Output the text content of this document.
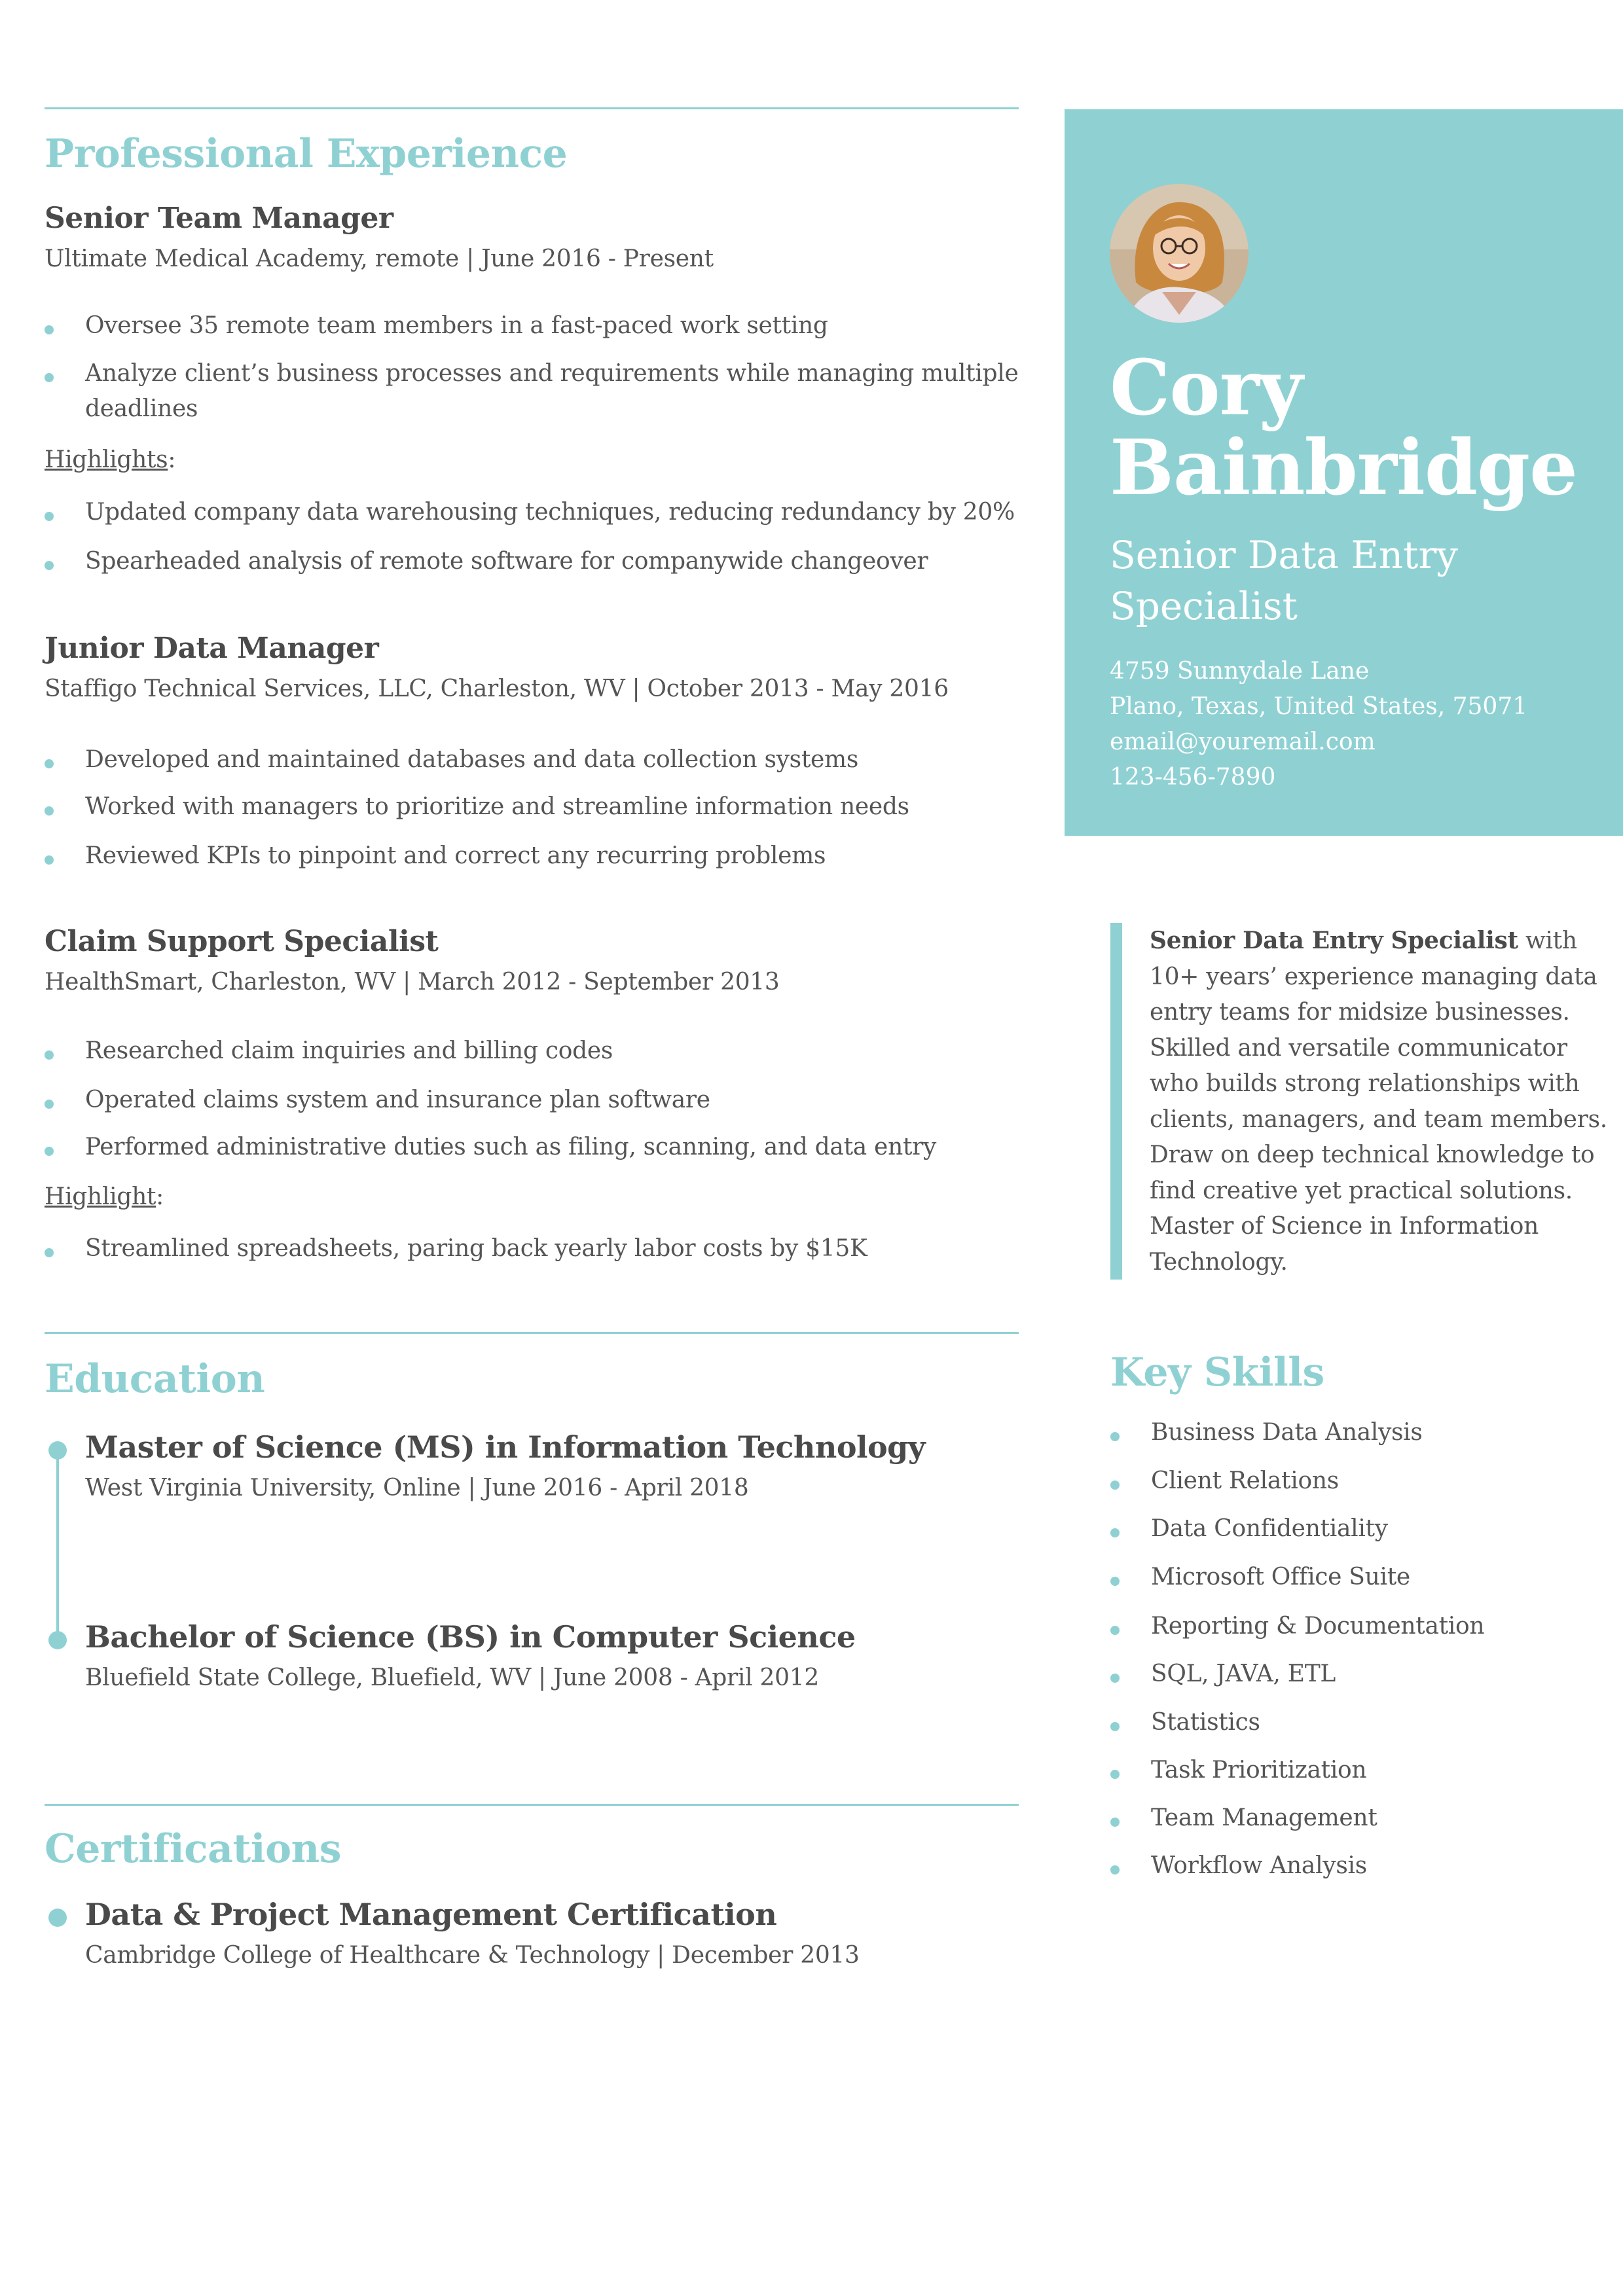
Professional Experience
Senior Team Manager
Ultimate Medical Academy, remote | June 2016 - Present
Oversee 35 remote team members in a fast-paced work setting
Analyze client’s business processes and requirements while managing multiple
deadlines
Highlights:
Updated company data warehousing techniques, reducing redundancy by 20%
Spearheaded analysis of remote software for companywide changeover
Junior Data Manager
Staffigo Technical Services, LLC, Charleston, WV | October 2013 - May 2016
Developed and maintained databases and data collection systems
Worked with managers to prioritize and streamline information needs
Reviewed KPIs to pinpoint and correct any recurring problems
Claim Support Specialist
HealthSmart, Charleston, WV | March 2012 - September 2013
Researched claim inquiries and billing codes
Operated claims system and insurance plan software
Performed administrative duties such as filing, scanning, and data entry
Highlight:
Streamlined spreadsheets, paring back yearly labor costs by $15K
Education
Master of Science (MS) in Information Technology
West Virginia University, Online | June 2016 - April 2018
Bachelor of Science (BS) in Computer Science
Bluefield State College, Bluefield, WV | June 2008 - April 2012
Certifications
Data & Project Management Certification
Cambridge College of Healthcare & Technology | December 2013
Cory
Bainbridge
Senior Data Entry
Specialist
4759 Sunnydale Lane
Plano, Texas, United States, 75071
email@youremail.com
123-456-7890
Senior Data Entry Specialist with 10+ years’ experience managing data entry teams for midsize businesses. Skilled and versatile communicator who builds strong relationships with clients, managers, and team members. Draw on deep technical knowledge to find creative yet practical solutions. Master of Science in Information Technology.
Key Skills
Business Data Analysis
Client Relations
Data Confidentiality
Microsoft Office Suite
Reporting & Documentation
SQL, JAVA, ETL
Statistics
Task Prioritization
Team Management
Workflow Analysis
